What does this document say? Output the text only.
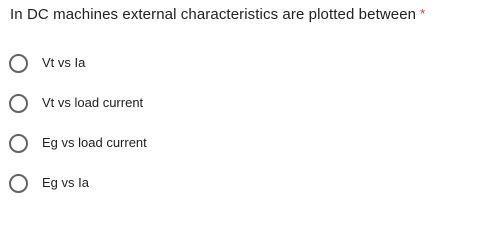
In DC machines external characteristics are plotted between *
Vt vs Ia
Vt vs load current
Eg vs load current
Eg vs Ia
